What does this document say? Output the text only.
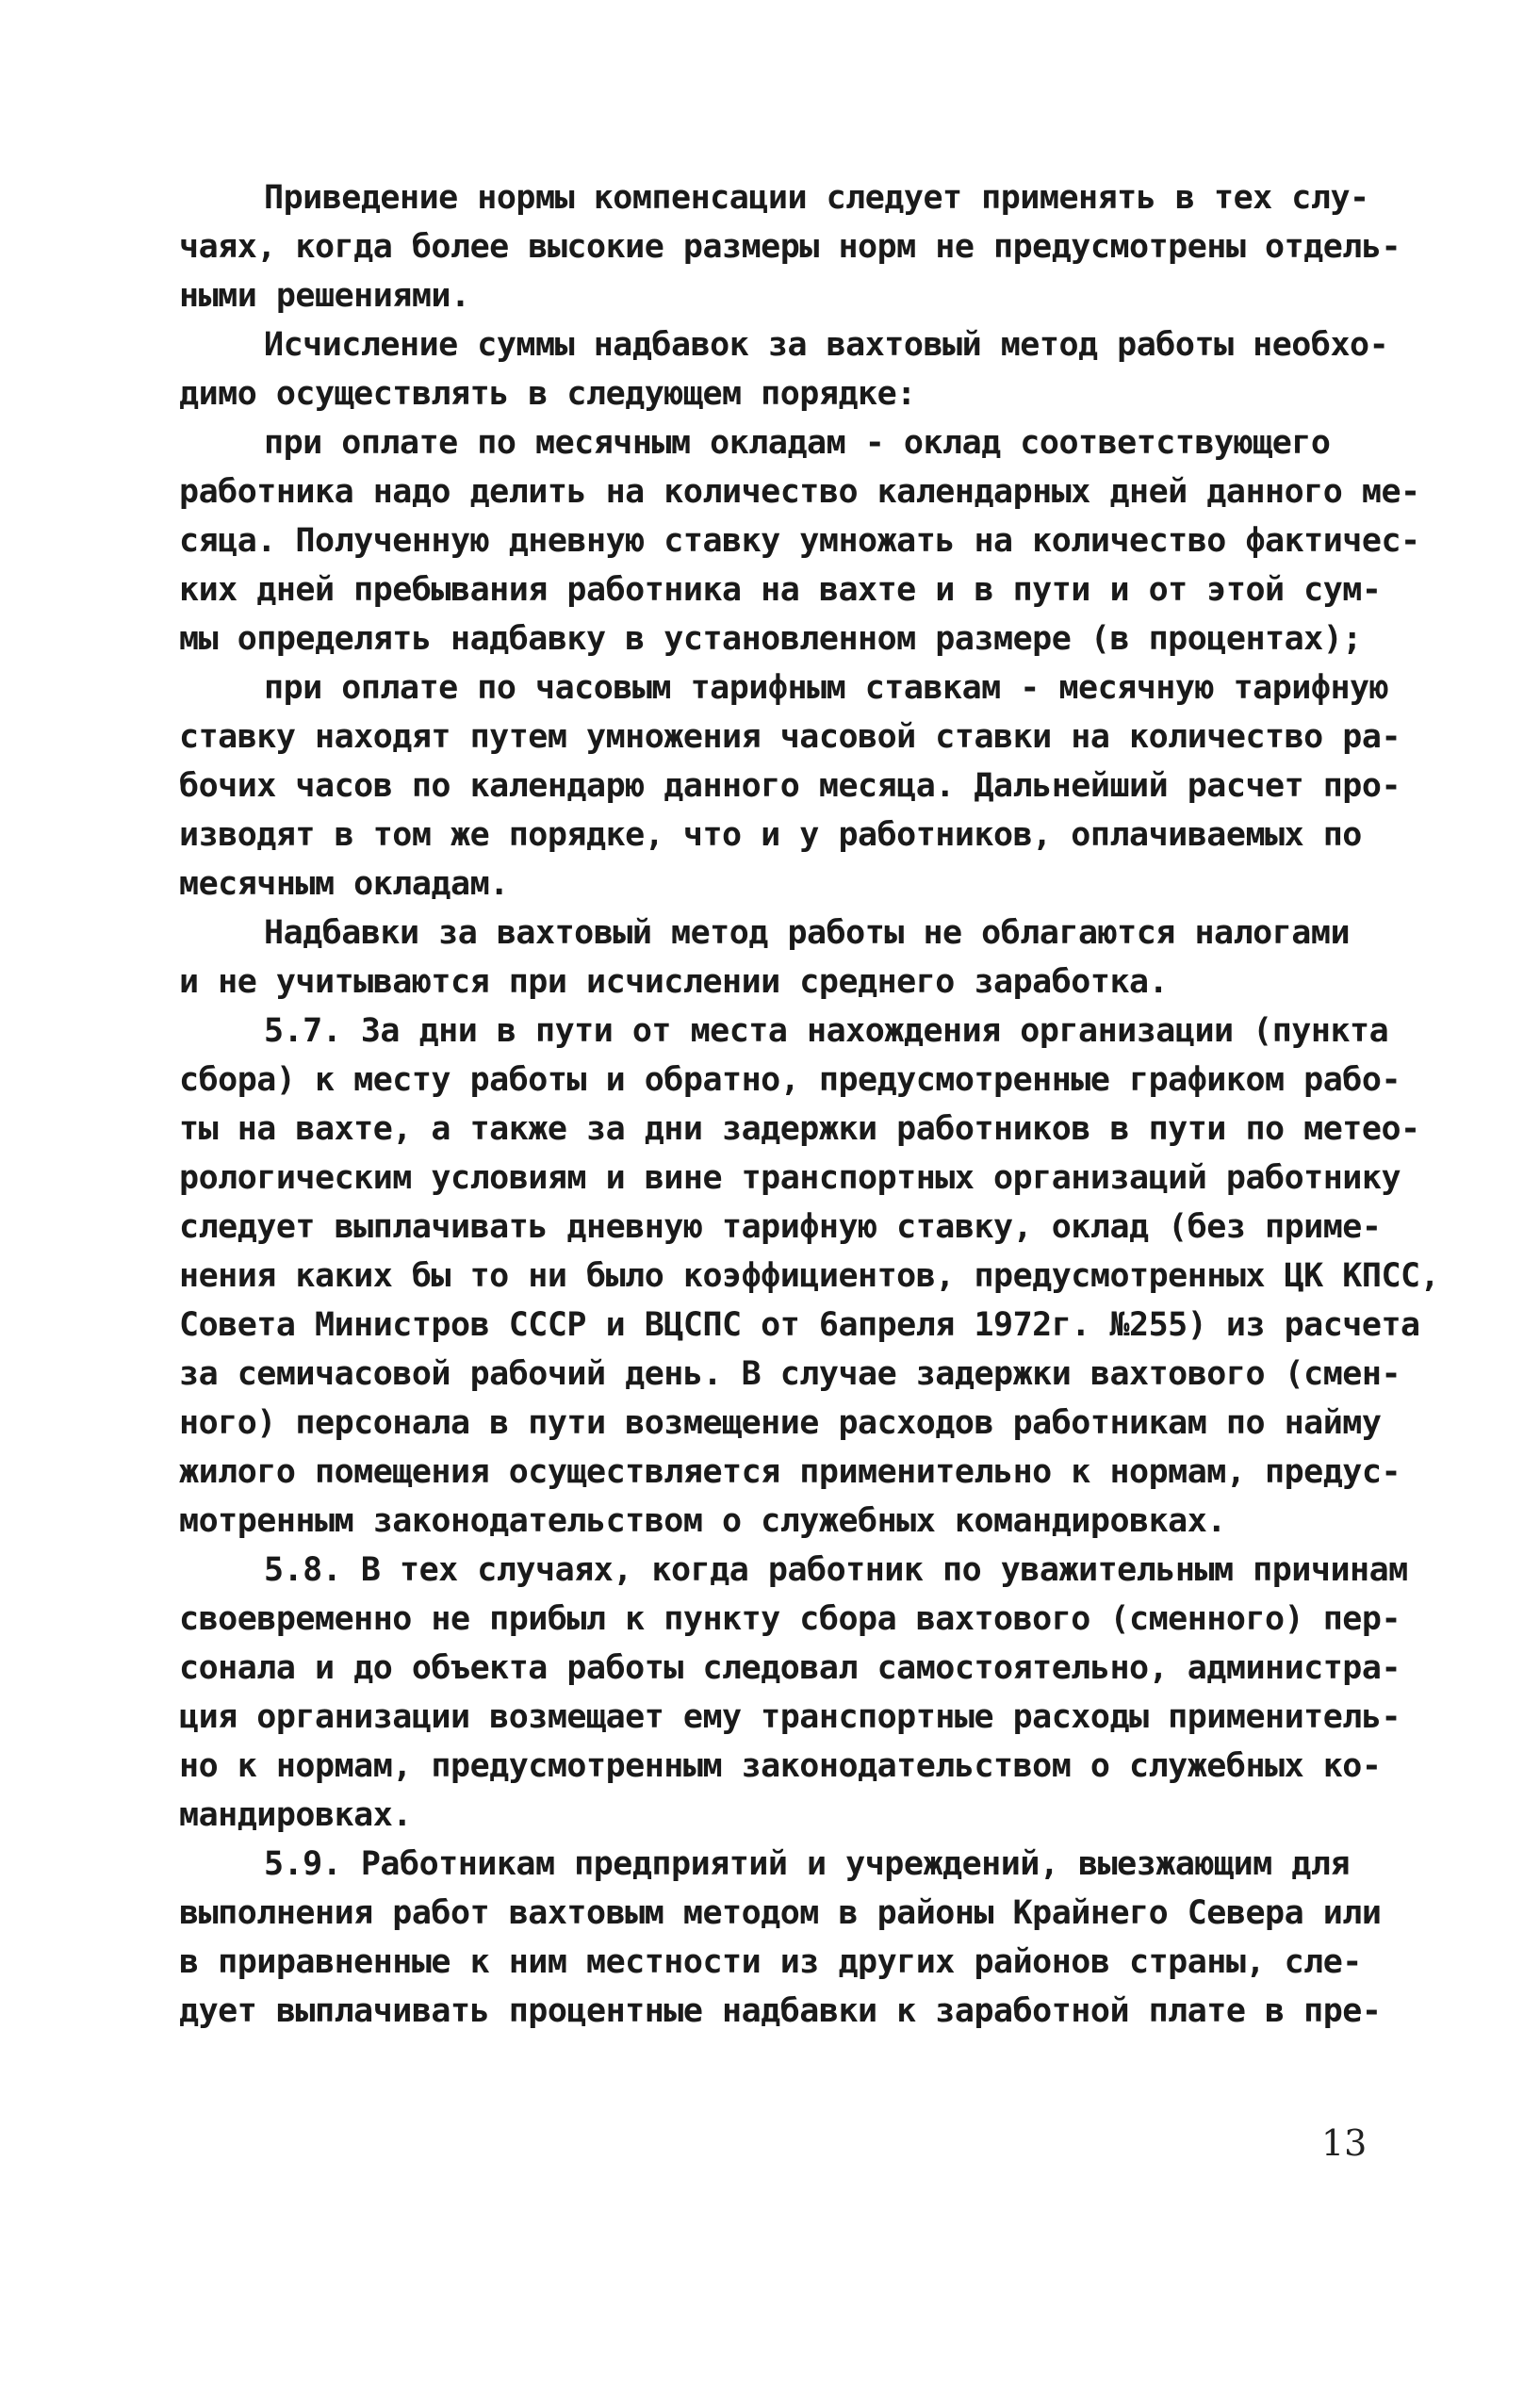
Приведение нормы компенсации следует применять в тех слу-
чаях, когда более высокие размеры норм не предусмотрены отдель-
ными решениями.
Исчисление суммы надбавок за вахтовый метод работы необхо-
димо осуществлять в следующем порядке:
при оплате по месячным окладам - оклад соответствующего
работника надо делить на количество календарных дней данного ме-
сяца. Полученную дневную ставку умножать на количество фактичес-
ких дней пребывания работника на вахте и в пути и от этой сум-
мы определять надбавку в установленном размере (в процентах);
при оплате по часовым тарифным ставкам - месячную тарифную
ставку находят путем умножения часовой ставки на количество ра-
бочих часов по календарю данного месяца. Дальнейший расчет про-
изводят в том же порядке, что и у работников, оплачиваемых по
месячным окладам.
Надбавки за вахтовый метод работы не облагаются налогами
и не учитываются при исчислении среднего заработка.
5.7. За дни в пути от места нахождения организации (пункта
сбора) к месту работы и обратно, предусмотренные графиком рабо-
ты на вахте, а также за дни задержки работников в пути по метео-
рологическим условиям и вине транспортных организаций работнику
следует выплачивать дневную тарифную ставку, оклад (без приме-
нения каких бы то ни было коэффициентов, предусмотренных ЦК КПСС,
Совета Министров СССР и ВЦСПС от 6апреля 1972г. №255) из расчета
за семичасовой рабочий день. В случае задержки вахтового (смен-
ного) персонала в пути возмещение расходов работникам по найму
жилого помещения осуществляется применительно к нормам, предус-
мотренным законодательством о служебных командировках.
5.8. В тех случаях, когда работник по уважительным причинам
своевременно не прибыл к пункту сбора вахтового (сменного) пер-
сонала и до объекта работы следовал самостоятельно, администра-
ция организации возмещает ему транспортные расходы применитель-
но к нормам, предусмотренным законодательством о служебных ко-
мандировках.
5.9. Работникам предприятий и учреждений, выезжающим для
выполнения работ вахтовым методом в районы Крайнего Севера или
в приравненные к ним местности из других районов страны, сле-
дует выплачивать процентные надбавки к заработной плате в пре-
13
